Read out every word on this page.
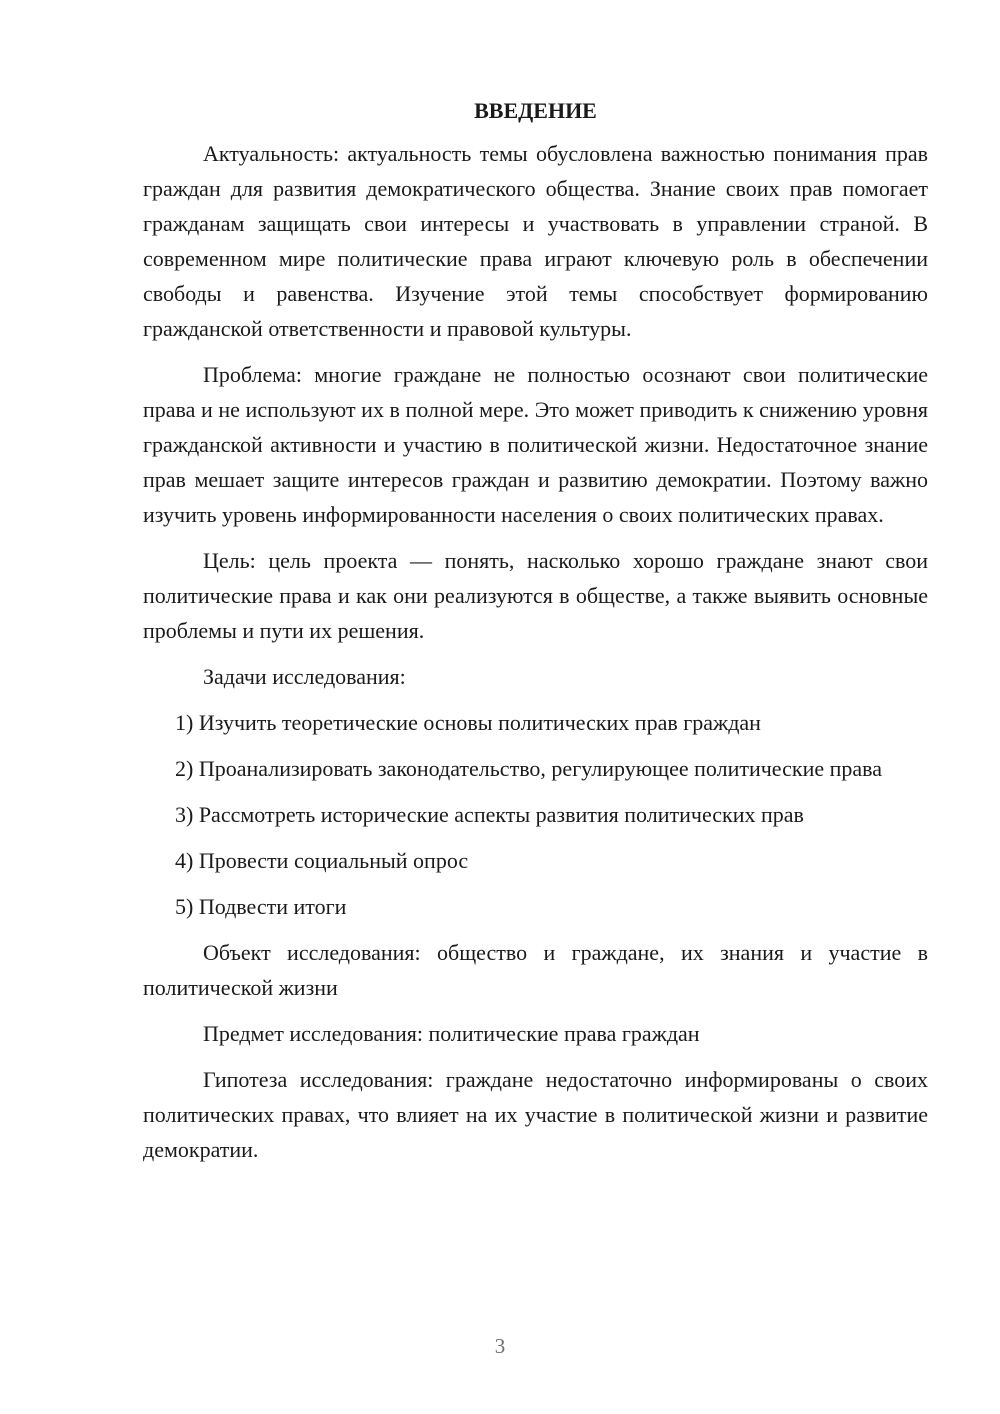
ВВЕДЕНИЕ

Актуальность: актуальность темы обусловлена важностью понимания прав граждан для развития демократического общества. Знание своих прав помогает гражданам защищать свои интересы и участвовать в управлении страной. В современном мире политические права играют ключевую роль в обеспечении свободы и равенства. Изучение этой темы способствует формированию гражданской ответственности и правовой культуры.

Проблема: многие граждане не полностью осознают свои политические права и не используют их в полной мере. Это может приводить к снижению уровня гражданской активности и участию в политической жизни. Недостаточное знание прав мешает защите интересов граждан и развитию демократии. Поэтому важно изучить уровень информированности населения о своих политических правах.

Цель: цель проекта — понять, насколько хорошо граждане знают свои политические права и как они реализуются в обществе, а также выявить основные проблемы и пути их решения.

Задачи исследования:

1) Изучить теоретические основы политических прав граждан

2) Проанализировать законодательство, регулирующее политические права

3) Рассмотреть исторические аспекты развития политических прав

4) Провести социальный опрос

5) Подвести итоги

Объект исследования: общество и граждане, их знания и участие в политической жизни

Предмет исследования: политические права граждан

Гипотеза исследования: граждане недостаточно информированы о своих политических правах, что влияет на их участие в политической жизни и развитие демократии.

3
